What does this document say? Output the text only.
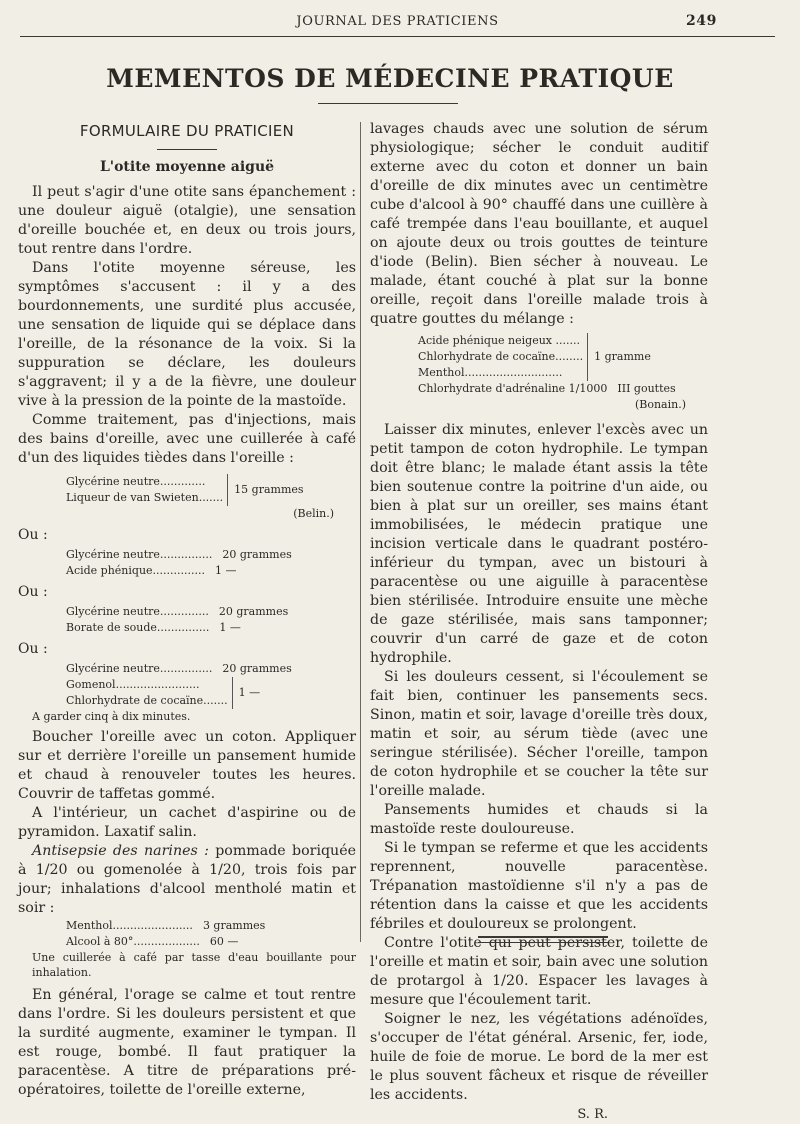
JOURNAL DES PRATICIENS	249
MEMENTOS DE MÉDECINE PRATIQUE
FORMULAIRE DU PRATICIEN
L'otite moyenne aiguë

Il peut s'agir d'une otite sans épanchement : une douleur aiguë (otalgie), une sensation d'oreille bouchée et, en deux ou trois jours, tout rentre dans l'ordre.

Dans l'otite moyenne séreuse, les symptômes s'accusent : il y a des bourdonnements, une surdité plus accusée, une sensation de liquide qui se déplace dans l'oreille, de la résonance de la voix. Si la suppuration se déclare, les douleurs s'aggravent; il y a de la fièvre, une douleur vive à la pression de la pointe de la mastoïde.

Comme traitement, pas d'injections, mais des bains d'oreille, avec une cuillerée à café d'un des liquides tièdes dans l'oreille :

Glycérine neutre.............
Liqueur de van Swieten.......
15 grammes
(Belin.)
Ou :
Glycérine neutre............... 20 grammes
Acide phénique............... 1 —
Ou :
Glycérine neutre.............. 20 grammes
Borate de soude............... 1 —
Ou :
Glycérine neutre............... 20 grammes
Gomenol........................
Chlorhydrate de cocaïne.......
1 —
A garder cinq à dix minutes.

Boucher l'oreille avec un coton. Appliquer sur et derrière l'oreille un pansement humide et chaud à renouveler toutes les heures. Couvrir de taffetas gommé.

A l'intérieur, un cachet d'aspirine ou de pyramidon. Laxatif salin.

Antisepsie des narines : pommade boriquée à 1/20 ou gomenolée à 1/20, trois fois par jour; inhalations d'alcool mentholé matin et soir :

Menthol....................... 3 grammes
Alcool à 80°................... 60 —
Une cuillerée à café par tasse d'eau bouillante pour inhalation.

En général, l'orage se calme et tout rentre dans l'ordre. Si les douleurs persistent et que la surdité augmente, examiner le tympan. Il est rouge, bombé. Il faut pratiquer la paracentèse. A titre de préparations pré-opératoires, toilette de l'oreille externe,

lavages chauds avec une solution de sérum physiologique; sécher le conduit auditif externe avec du coton et donner un bain d'oreille de dix minutes avec un centimètre cube d'alcool à 90° chauffé dans une cuillère à café trempée dans l'eau bouillante, et auquel on ajoute deux ou trois gouttes de teinture d'iode (Belin). Bien sécher à nouveau. Le malade, étant couché à plat sur la bonne oreille, reçoit dans l'oreille malade trois à quatre gouttes du mélange :

Acide phénique neigeux .......
Chlorhydrate de cocaïne........
Menthol............................
1 gramme
Chlorhydrate d'adrénaline 1/1000 III gouttes
(Bonain.)

Laisser dix minutes, enlever l'excès avec un petit tampon de coton hydrophile. Le tympan doit être blanc; le malade étant assis la tête bien soutenue contre la poitrine d'un aide, ou bien à plat sur un oreiller, ses mains étant immobilisées, le médecin pratique une incision verticale dans le quadrant postéro-inférieur du tympan, avec un bistouri à paracentèse ou une aiguille à paracentèse bien stérilisée. Introduire ensuite une mèche de gaze stérilisée, mais sans tamponner; couvrir d'un carré de gaze et de coton hydrophile.

Si les douleurs cessent, si l'écoulement se fait bien, continuer les pansements secs. Sinon, matin et soir, lavage d'oreille très doux, matin et soir, au sérum tiède (avec une seringue stérilisée). Sécher l'oreille, tampon de coton hydrophile et se coucher la tête sur l'oreille malade.

Pansements humides et chauds si la mastoïde reste douloureuse.

Si le tympan se referme et que les accidents reprennent, nouvelle paracentèse. Trépanation mastoïdienne s'il n'y a pas de rétention dans la caisse et que les accidents fébriles et douloureux se prolongent.

Contre l'otite qui peut persister, toilette de l'oreille et matin et soir, bain avec une solution de protargol à 1/20. Espacer les lavages à mesure que l'écoulement tarit.

Soigner le nez, les végétations adénoïdes, s'occuper de l'état général. Arsenic, fer, iode, huile de foie de morue. Le bord de la mer est le plus souvent fâcheux et risque de réveiller les accidents.

S. R.
